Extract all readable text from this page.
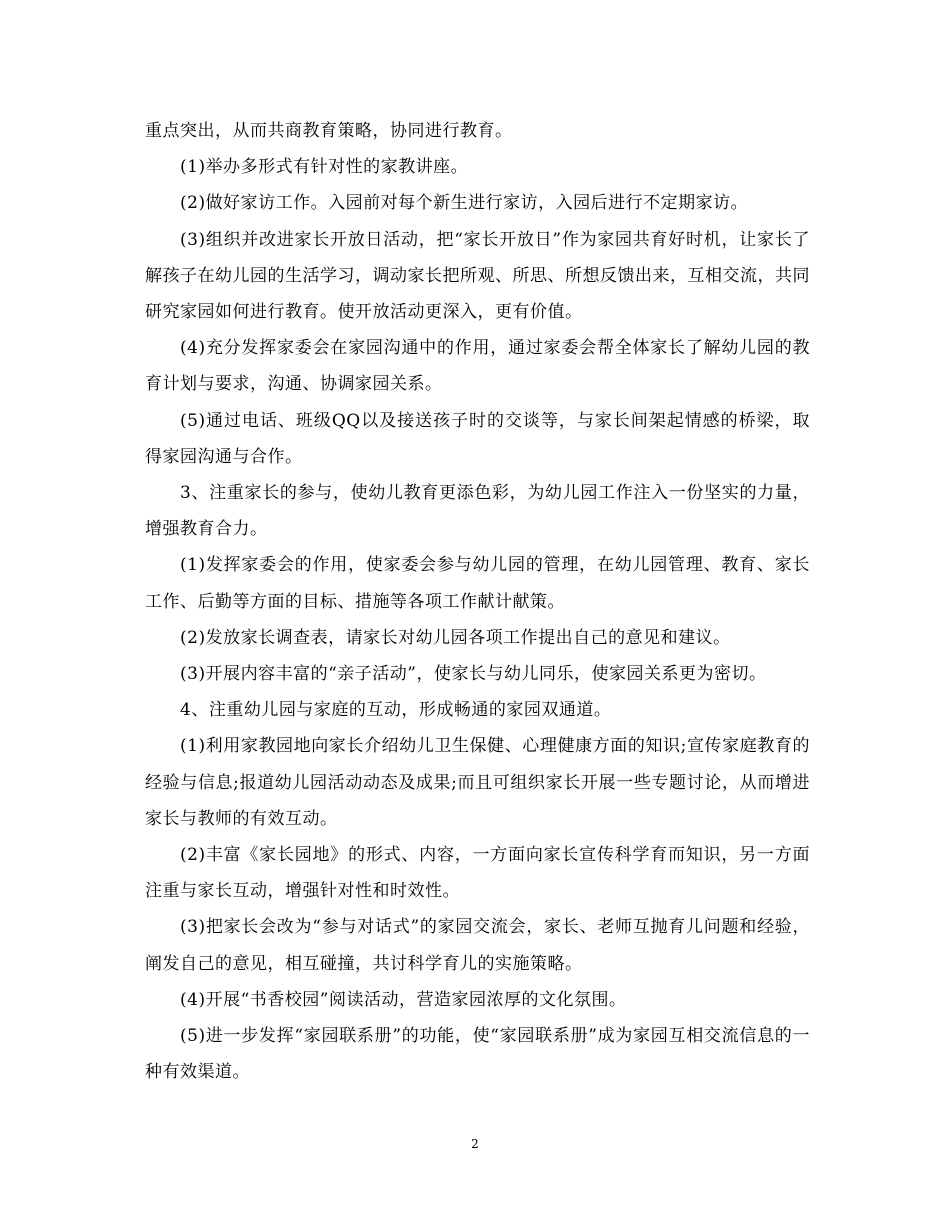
重点突出，从而共商教育策略，协同进行教育。

(1)举办多形式有针对性的家教讲座。

(2)做好家访工作。入园前对每个新生进行家访，入园后进行不定期家访。

(3)组织并改进家长开放日活动，把“家长开放日”作为家园共育好时机，让家长了解孩子在幼儿园的生活学习，调动家长把所观、所思、所想反馈出来，互相交流，共同研究家园如何进行教育。使开放活动更深入，更有价值。

(4)充分发挥家委会在家园沟通中的作用，通过家委会帮全体家长了解幼儿园的教育计划与要求，沟通、协调家园关系。

(5)通过电话、班级QQ以及接送孩子时的交谈等，与家长间架起情感的桥梁，取得家园沟通与合作。

3、注重家长的参与，使幼儿教育更添色彩，为幼儿园工作注入一份坚实的力量，增强教育合力。

(1)发挥家委会的作用，使家委会参与幼儿园的管理，在幼儿园管理、教育、家长工作、后勤等方面的目标、措施等各项工作献计献策。

(2)发放家长调查表，请家长对幼儿园各项工作提出自己的意见和建议。

(3)开展内容丰富的“亲子活动”，使家长与幼儿同乐，使家园关系更为密切。

4、注重幼儿园与家庭的互动，形成畅通的家园双通道。

(1)利用家教园地向家长介绍幼儿卫生保健、心理健康方面的知识;宣传家庭教育的经验与信息;报道幼儿园活动动态及成果;而且可组织家长开展一些专题讨论，从而增进家长与教师的有效互动。

(2)丰富《家长园地》的形式、内容，一方面向家长宣传科学育而知识，另一方面注重与家长互动，增强针对性和时效性。

(3)把家长会改为“参与对话式”的家园交流会，家长、老师互抛育儿问题和经验，阐发自己的意见，相互碰撞，共讨科学育儿的实施策略。

(4)开展“书香校园”阅读活动，营造家园浓厚的文化氛围。

(5)进一步发挥“家园联系册”的功能，使“家园联系册”成为家园互相交流信息的一种有效渠道。

2
